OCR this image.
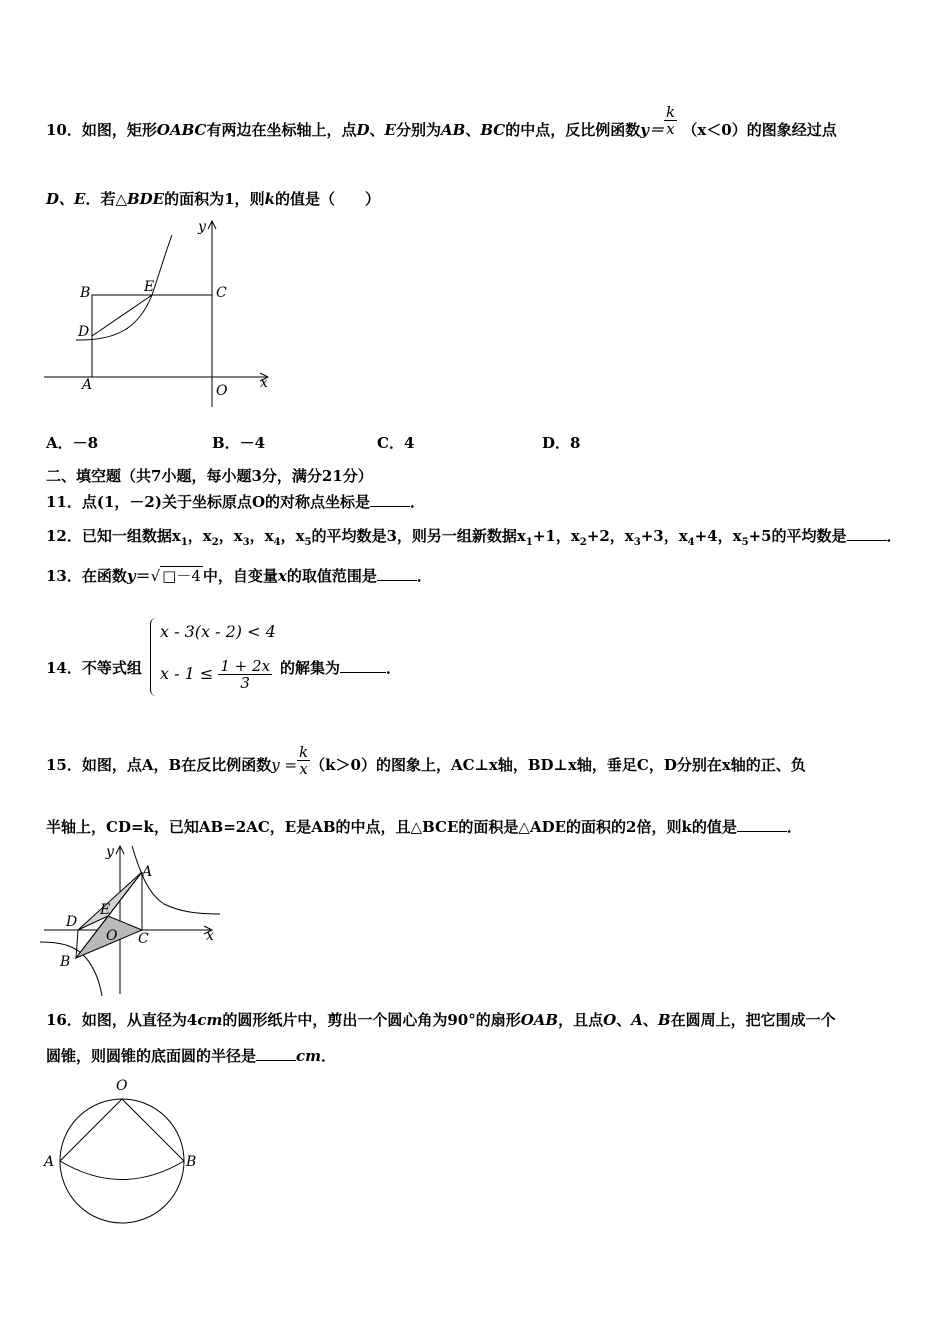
10．如图，矩形OABC有两边在坐标轴上，点D、E分别为AB、BC的中点，反比例函数$y= \frac{k}{x} (x<0)$的图象经过点
D、E．若△BDE的面积为1，则k的值是（　　）
y
x
B	E	C
D
A	O
A．－8	B．－4	C．4	D．8
二、填空题（共7小题，每小题3分，满分21分）
11．点(1，－2)关于坐标原点O的对称点坐标是	．
12．已知一组数据$x_1$，$x_2$，$x_3$，$x_4$，$x_5$的平均数是3，则另一组新数据$x_1+1$，$x_2+2$，$x_3+3$，$x_4+4$，$x_5+5$的平均数是	．
13．在函数y＝√ □－4 中，自变量x的取值范围是	．
14．不等式组
x - 3(x - 2) < 4
$x - 1 \le \frac{1 + 2x}{3}$ 的解集为	．
15．如图，点A，B在反比例函数$y = \frac{k}{x} (k>0)$的图象上，AC⊥x轴，BD⊥x轴，垂足C，D分别在x轴的正、负
半轴上，CD=k，已知AB=2AC，E是AB的中点，且△BCE的面积是△ADE的面积的2倍，则k的值是	．
y
x
A
D
E
O C
B
16．如图，从直径为4cm的圆形纸片中，剪出一个圆心角为90°的扇形OAB，且点O、A、B在圆周上，把它围成一个
圆锥，则圆锥的底面圆的半径是	cm．
O
A	B
